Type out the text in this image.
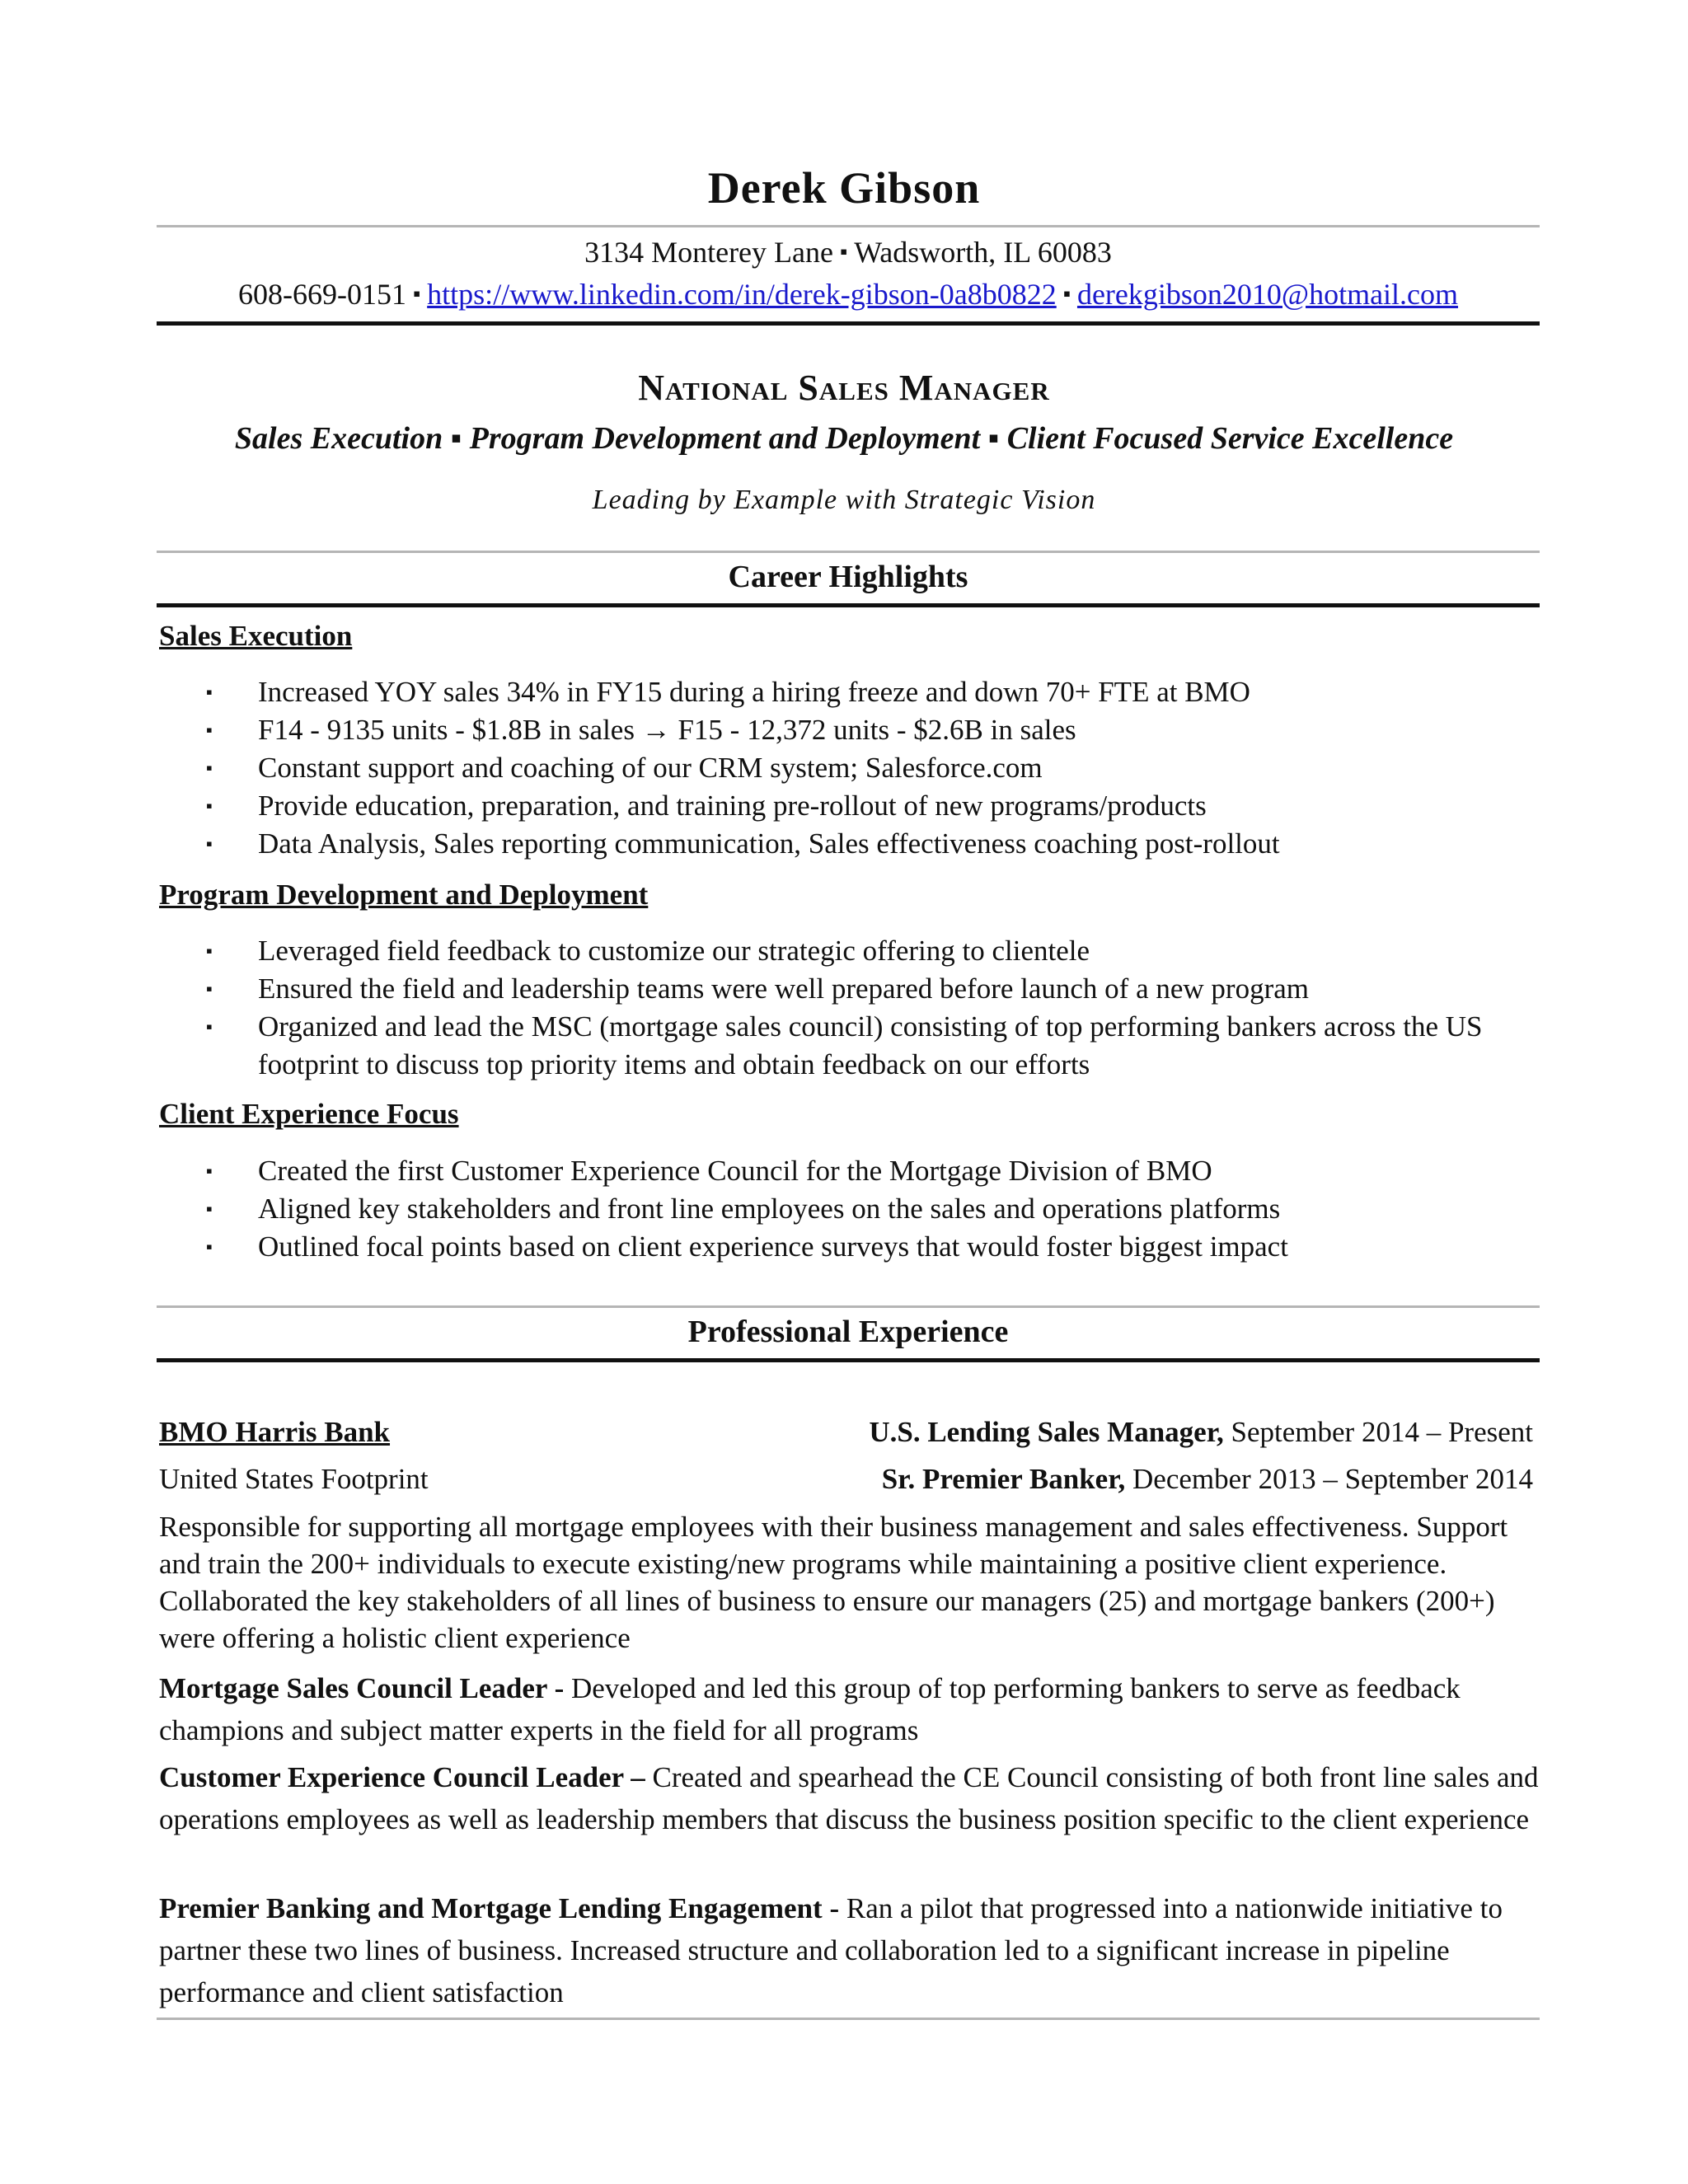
Derek Gibson
3134 Monterey Lane ▪ Wadsworth, IL 60083
608-669-0151 ▪ https://www.linkedin.com/in/derek-gibson-0a8b0822 ▪ derekgibson2010@hotmail.com
National Sales Manager
Sales Execution ▪ Program Development and Deployment ▪ Client Focused Service Excellence
Leading by Example with Strategic Vision
Career Highlights
Sales Execution
▪ Increased YOY sales 34% in FY15 during a hiring freeze and down 70+ FTE at BMO
▪ F14 - 9135 units - $1.8B in sales → F15 - 12,372 units - $2.6B in sales
▪ Constant support and coaching of our CRM system; Salesforce.com
▪ Provide education, preparation, and training pre-rollout of new programs/products
▪ Data Analysis, Sales reporting communication, Sales effectiveness coaching post-rollout
Program Development and Deployment
▪ Leveraged field feedback to customize our strategic offering to clientele
▪ Ensured the field and leadership teams were well prepared before launch of a new program
▪ Organized and lead the MSC (mortgage sales council) consisting of top performing bankers across the US footprint to discuss top priority items and obtain feedback on our efforts
Client Experience Focus
▪ Created the first Customer Experience Council for the Mortgage Division of BMO
▪ Aligned key stakeholders and front line employees on the sales and operations platforms
▪ Outlined focal points based on client experience surveys that would foster biggest impact
Professional Experience
BMO Harris Bank	U.S. Lending Sales Manager, September 2014 – Present
United States Footprint	Sr. Premier Banker, December 2013 – September 2014
Responsible for supporting all mortgage employees with their business management and sales effectiveness. Support and train the 200+ individuals to execute existing/new programs while maintaining a positive client experience. Collaborated the key stakeholders of all lines of business to ensure our managers (25) and mortgage bankers (200+) were offering a holistic client experience
Mortgage Sales Council Leader - Developed and led this group of top performing bankers to serve as feedback champions and subject matter experts in the field for all programs
Customer Experience Council Leader – Created and spearhead the CE Council consisting of both front line sales and operations employees as well as leadership members that discuss the business position specific to the client experience
Premier Banking and Mortgage Lending Engagement - Ran a pilot that progressed into a nationwide initiative to partner these two lines of business. Increased structure and collaboration led to a significant increase in pipeline performance and client satisfaction
